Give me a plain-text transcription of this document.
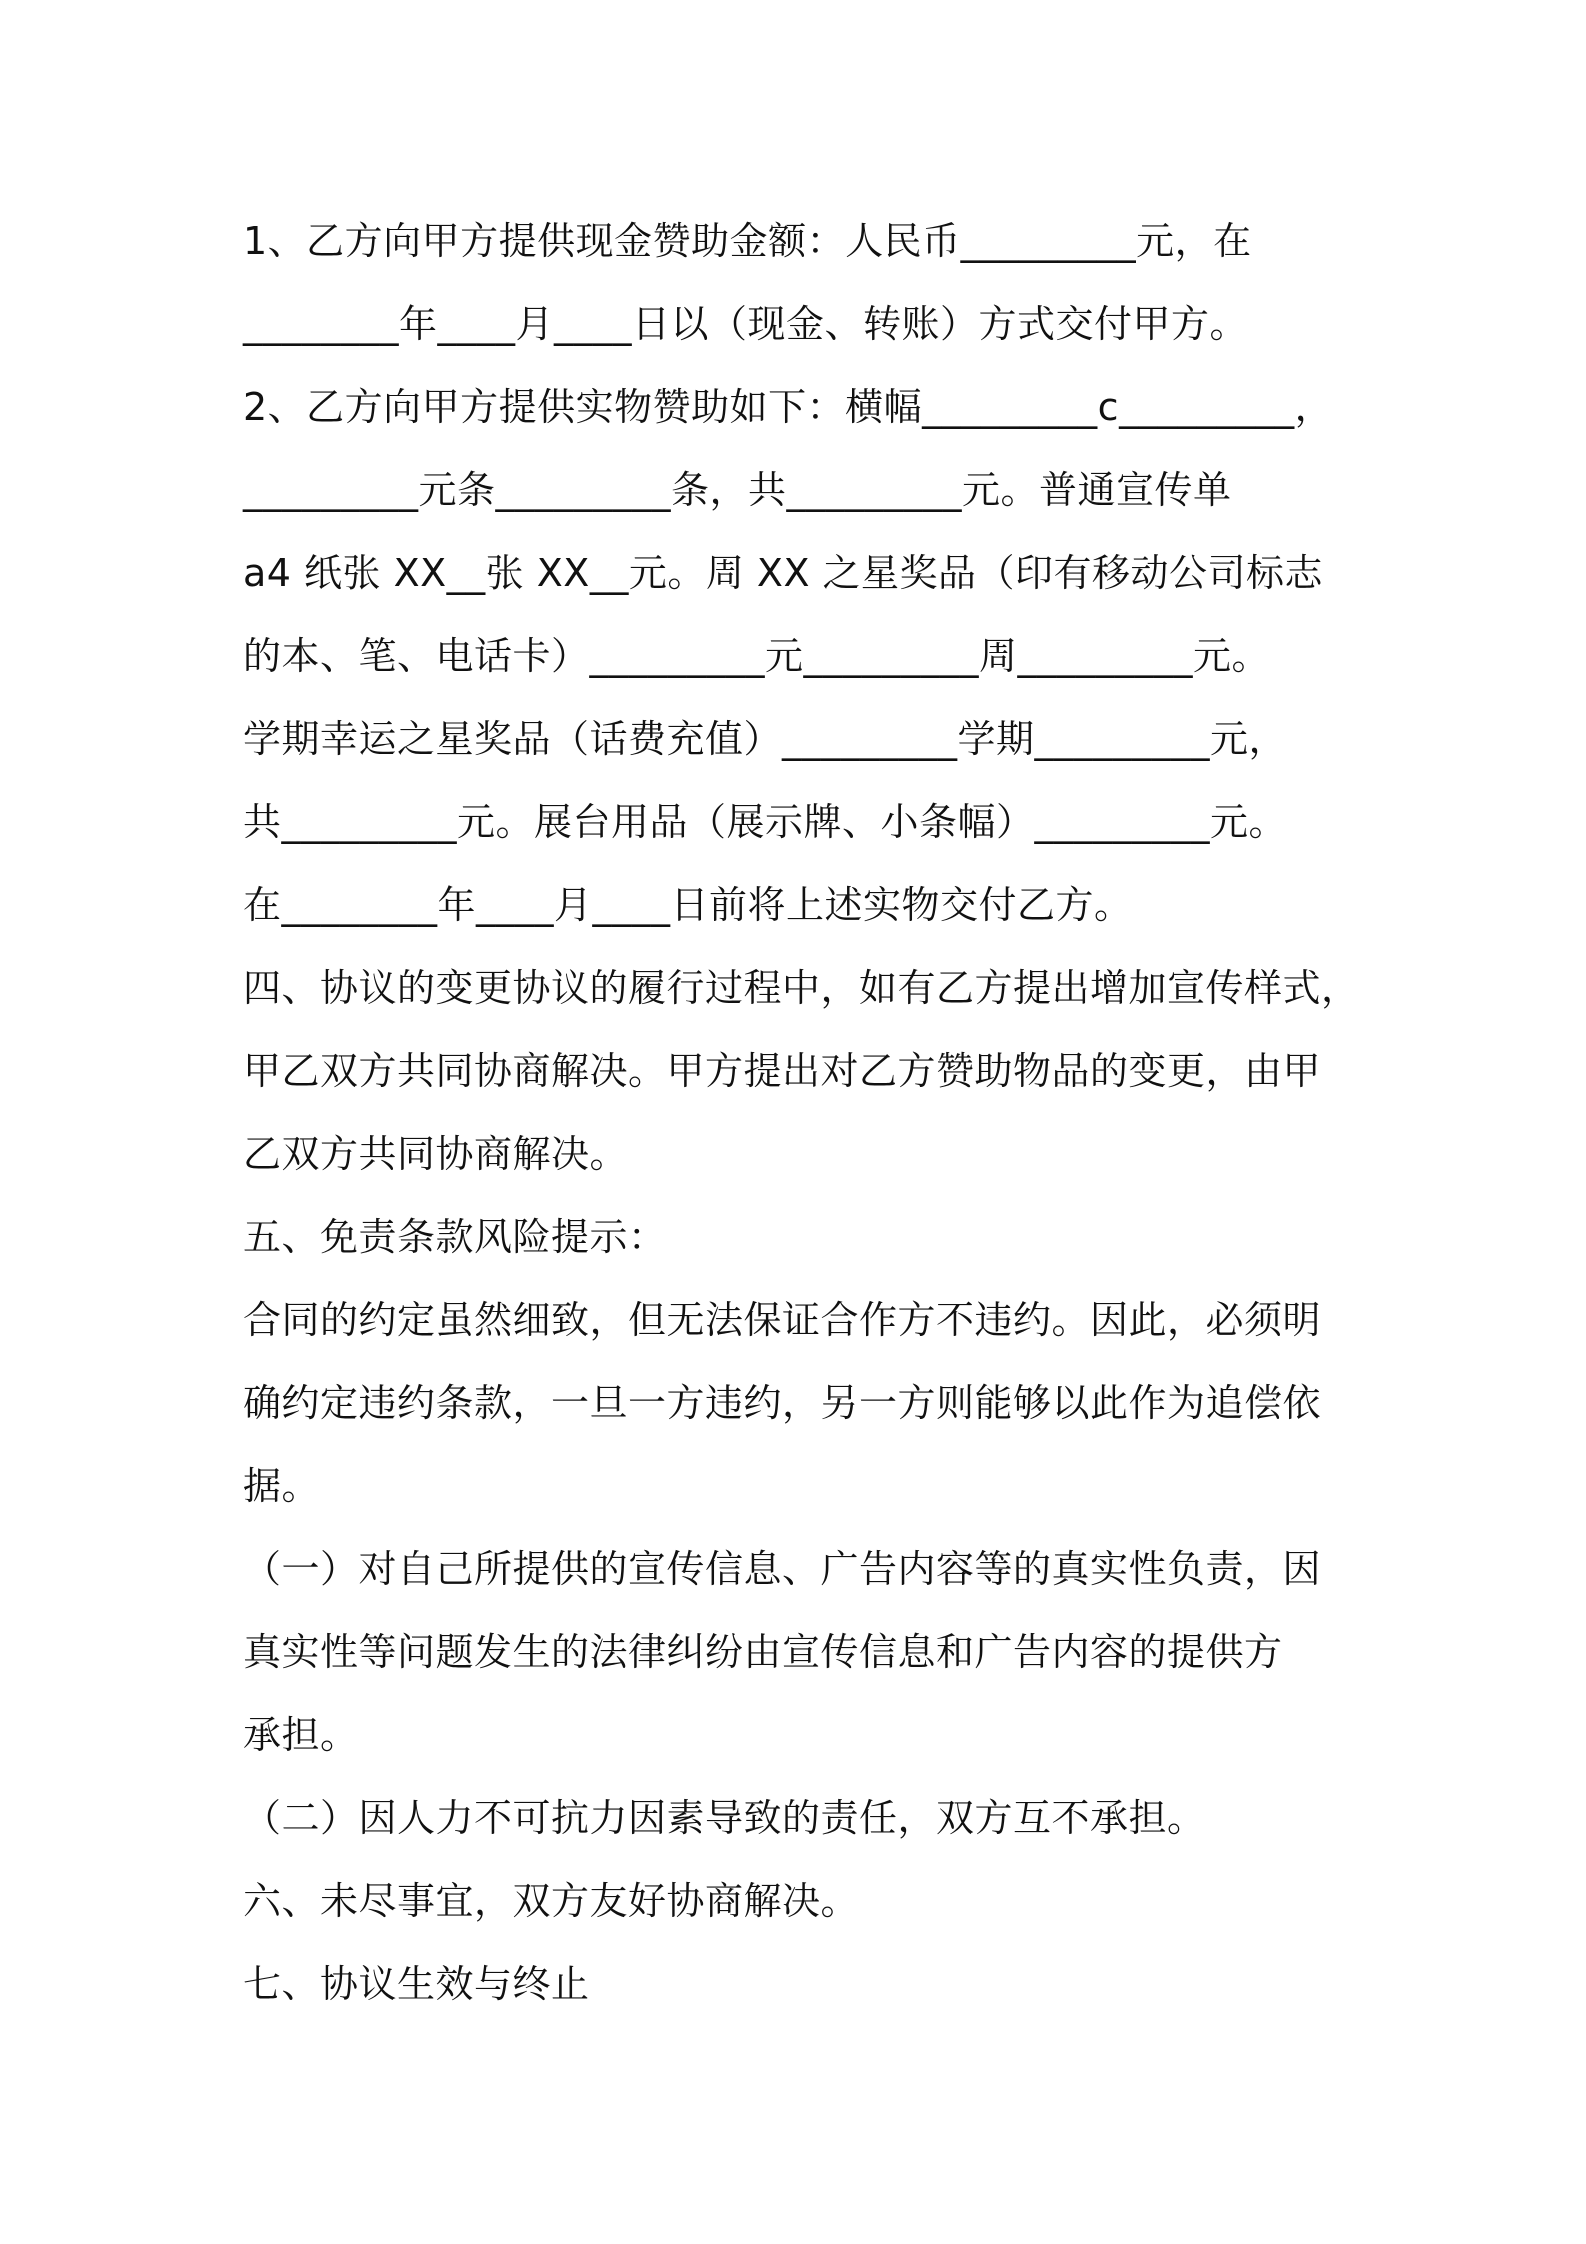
1、乙方向甲方提供现金赞助金额：人民币_________元，在
________年____月____日以（现金、转账）方式交付甲方。
2、乙方向甲方提供实物赞助如下：横幅_________c_________，
_________元条_________条，共_________元。普通宣传单
a4 纸张 XX__张 XX__元。周 XX 之星奖品（印有移动公司标志
的本、笔、电话卡）_________元_________周_________元。
学期幸运之星奖品（话费充值）_________学期_________元，
共_________元。展台用品（展示牌、小条幅）_________元。
在________年____月____日前将上述实物交付乙方。
四、协议的变更协议的履行过程中，如有乙方提出增加宣传样式，
甲乙双方共同协商解决。甲方提出对乙方赞助物品的变更，由甲
乙双方共同协商解决。
五、免责条款风险提示：
合同的约定虽然细致，但无法保证合作方不违约。因此，必须明
确约定违约条款，一旦一方违约，另一方则能够以此作为追偿依
据。
（一）对自己所提供的宣传信息、广告内容等的真实性负责，因
真实性等问题发生的法律纠纷由宣传信息和广告内容的提供方
承担。
（二）因人力不可抗力因素导致的责任，双方互不承担。
六、未尽事宜，双方友好协商解决。
七、协议生效与终止
